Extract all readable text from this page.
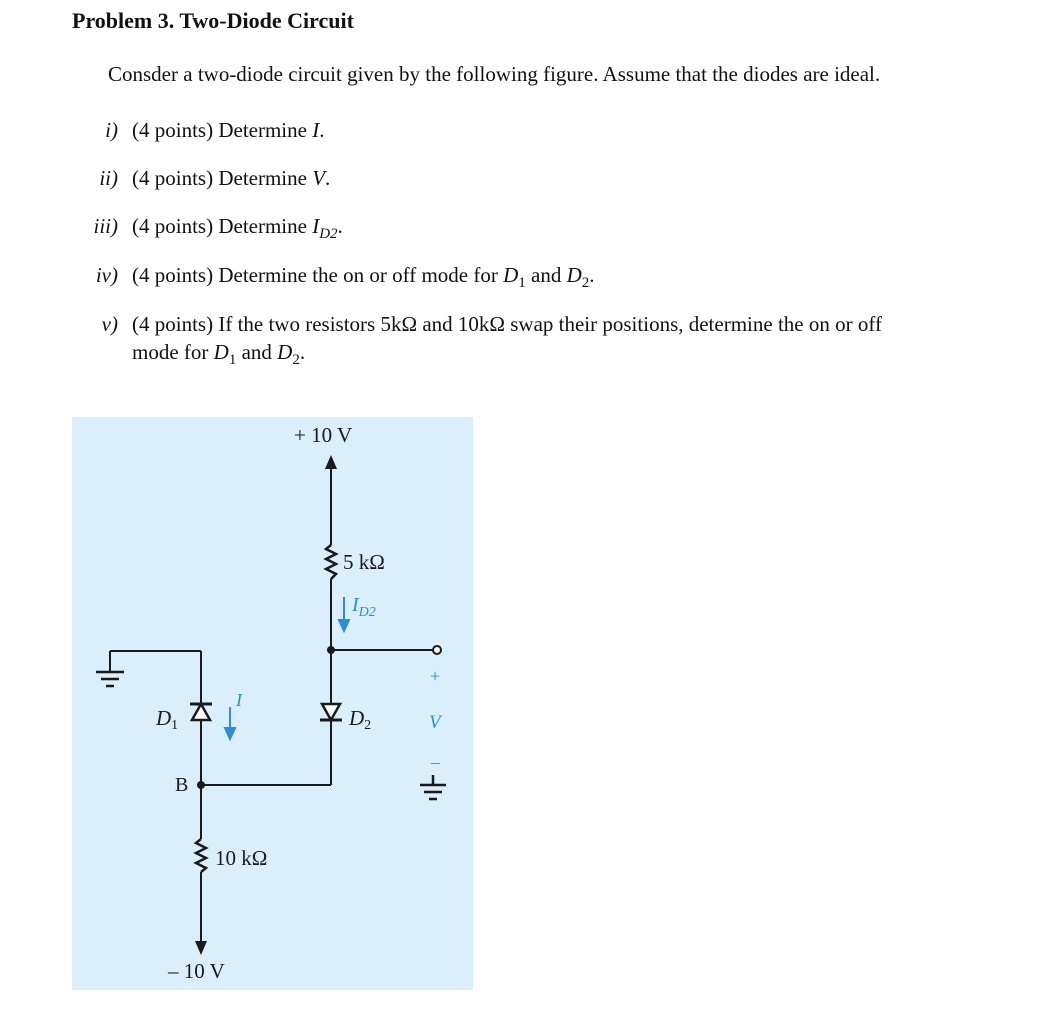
Problem 3. Two-Diode Circuit
Consder a two-diode circuit given by the following figure. Assume that the diodes are ideal.
i) (4 points) Determine I.
ii) (4 points) Determine V.
iii) (4 points) Determine $I_{D2}$.
iv) (4 points) Determine the on or off mode for $D_1$ and $D_2$.
v) (4 points) If the two resistors 5kΩ and 10kΩ swap their positions, determine the on or off
mode for $D_1$ and $D_2$.
+ 10 V
5 kΩ
$I_{D2}$
D1
I
D2
+
V
–
B
10 kΩ
– 10 V
